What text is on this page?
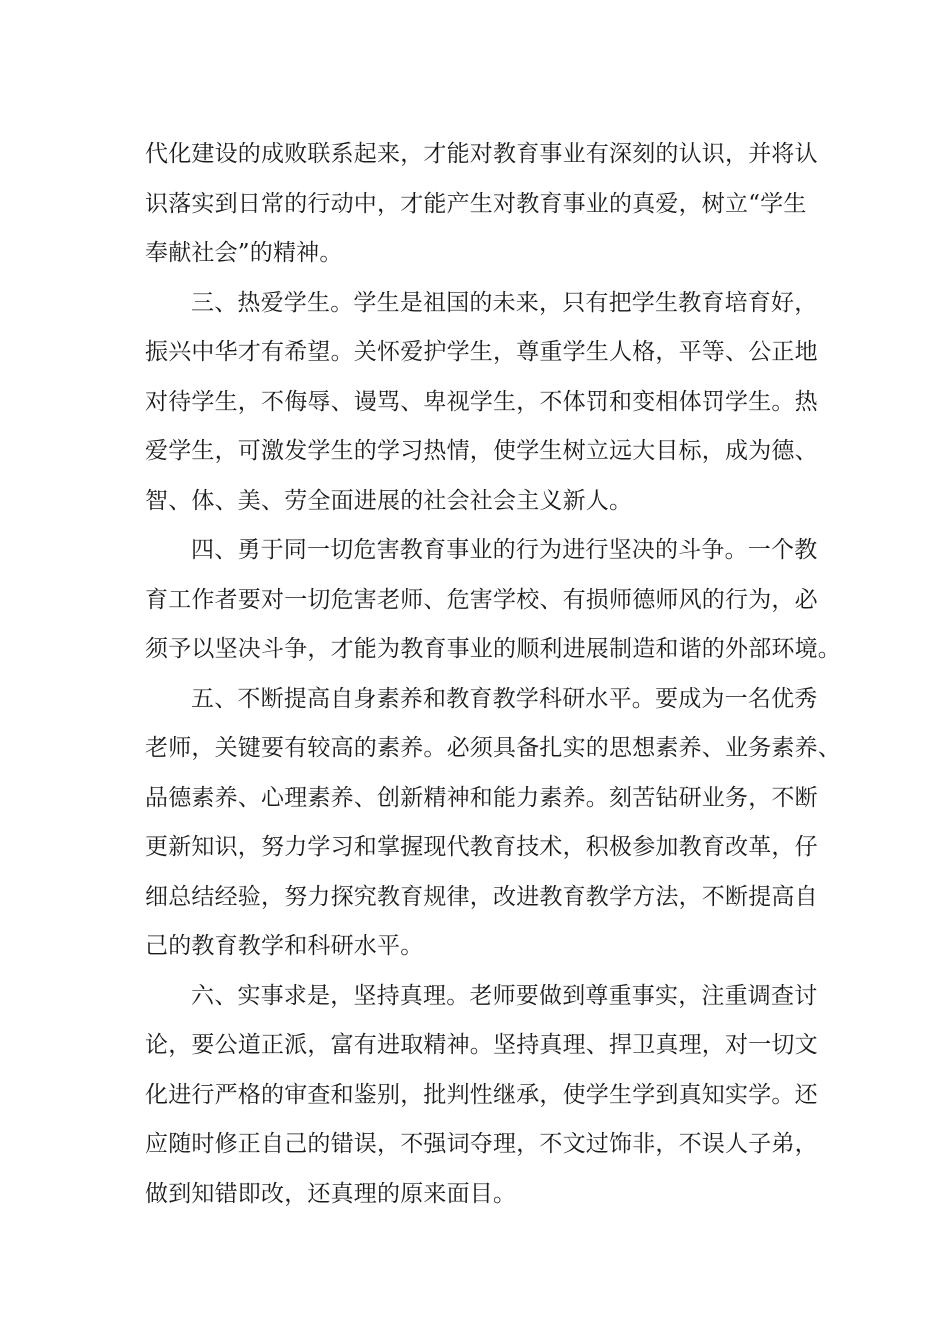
代化建设的成败联系起来，才能对教育事业有深刻的认识，并将认
识落实到日常的行动中，才能产生对教育事业的真爱，树立“学生
奉献社会”的精神。
三、热爱学生。学生是祖国的未来，只有把学生教育培育好，
振兴中华才有希望。关怀爱护学生，尊重学生人格，平等、公正地
对待学生，不侮辱、谩骂、卑视学生，不体罚和变相体罚学生。热
爱学生，可激发学生的学习热情，使学生树立远大目标，成为德、
智、体、美、劳全面进展的社会社会主义新人。
四、勇于同一切危害教育事业的行为进行坚决的斗争。一个教
育工作者要对一切危害老师、危害学校、有损师德师风的行为，必
须予以坚决斗争，才能为教育事业的顺利进展制造和谐的外部环境。
五、不断提高自身素养和教育教学科研水平。要成为一名优秀
老师，关键要有较高的素养。必须具备扎实的思想素养、业务素养、
品德素养、心理素养、创新精神和能力素养。刻苦钻研业务，不断
更新知识，努力学习和掌握现代教育技术，积极参加教育改革，仔
细总结经验，努力探究教育规律，改进教育教学方法，不断提高自
己的教育教学和科研水平。
六、实事求是，坚持真理。老师要做到尊重事实，注重调查讨
论，要公道正派，富有进取精神。坚持真理、捍卫真理，对一切文
化进行严格的审查和鉴别，批判性继承，使学生学到真知实学。还
应随时修正自己的错误，不强词夺理，不文过饰非，不误人子弟，
做到知错即改，还真理的原来面目。
